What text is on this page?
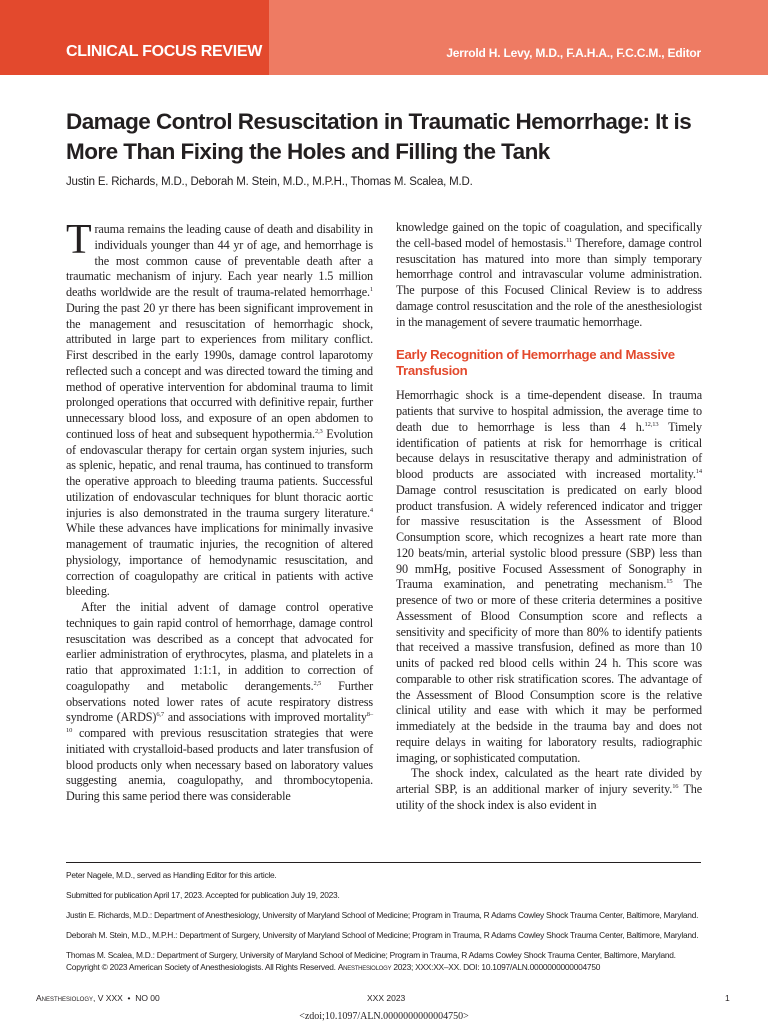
CLINICAL FOCUS REVIEW	Jerrold H. Levy, M.D., F.A.H.A., F.C.C.M., Editor
Damage Control Resuscitation in Traumatic Hemorrhage: It is More Than Fixing the Holes and Filling the Tank
Justin E. Richards, M.D., Deborah M. Stein, M.D., M.P.H., Thomas M. Scalea, M.D.

Trauma remains the leading cause of death and disability in individuals younger than 44 yr of age, and hemorrhage is the most common cause of preventable death after a traumatic mechanism of injury. Each year nearly 1.5 million deaths worldwide are the result of trauma-related hemorrhage.$^1$ During the past 20 yr there has been significant improvement in the management and resuscitation of hemorrhagic shock, attributed in large part to experiences from military conflict. First described in the early 1990s, damage control laparotomy reflected such a concept and was directed toward the timing and method of operative intervention for abdominal trauma to limit prolonged operations that occurred with definitive repair, further unnecessary blood loss, and exposure of an open abdomen to continued loss of heat and subsequent hypothermia.$^{2,3}$ Evolution of endovascular therapy for certain organ system injuries, such as splenic, hepatic, and renal trauma, has continued to transform the operative approach to bleeding trauma patients. Successful utilization of endovascular techniques for blunt thoracic aortic injuries is also demonstrated in the trauma surgery literature.$^4$ While these advances have implications for minimally invasive management of traumatic injuries, the recognition of altered physiology, importance of hemodynamic resuscitation, and correction of coagulopathy are critical in patients with active bleeding.

After the initial advent of damage control operative techniques to gain rapid control of hemorrhage, damage control resuscitation was described as a concept that advocated for earlier administration of erythrocytes, plasma, and platelets in a ratio that approximated 1:1:1, in addition to correction of coagulopathy and metabolic derangements.$^{2,5}$ Further observations noted lower rates of acute respiratory distress syndrome (ARDS)$^{6,7}$ and associations with improved mortality$^{8-10}$ compared with previous resuscitation strategies that were initiated with crystalloid-based products and later transfusion of blood products only when necessary based on laboratory values suggesting anemia, coagulopathy, and thrombocytopenia. During this same period there was considerable

knowledge gained on the topic of coagulation, and specifically the cell-based model of hemostasis.$^{11}$ Therefore, damage control resuscitation has matured into more than simply temporary hemorrhage control and intravascular volume administration. The purpose of this Focused Clinical Review is to address damage control resuscitation and the role of the anesthesiologist in the management of severe traumatic hemorrhage.

Early Recognition of Hemorrhage and Massive Transfusion

Hemorrhagic shock is a time-dependent disease. In trauma patients that survive to hospital admission, the average time to death due to hemorrhage is less than 4 h.$^{12,13}$ Timely identification of patients at risk for hemorrhage is critical because delays in resuscitative therapy and administration of blood products are associated with increased mortality.$^{14}$ Damage control resuscitation is predicated on early blood product transfusion. A widely referenced indicator and trigger for massive resuscitation is the Assessment of Blood Consumption score, which recognizes a heart rate more than 120 beats/min, arterial systolic blood pressure (SBP) less than 90 mmHg, positive Focused Assessment of Sonography in Trauma examination, and penetrating mechanism.$^{15}$ The presence of two or more of these criteria determines a positive Assessment of Blood Consumption score and reflects a sensitivity and specificity of more than 80% to identify patients that received a massive transfusion, defined as more than 10 units of packed red blood cells within 24 h. This score was comparable to other risk stratification scores. The advantage of the Assessment of Blood Consumption score is the relative clinical utility and ease with which it may be performed immediately at the bedside in the trauma bay and does not require delays in waiting for laboratory results, radiographic imaging, or sophisticated computation.

The shock index, calculated as the heart rate divided by arterial SBP, is an additional marker of injury severity.$^{16}$ The utility of the shock index is also evident in

Peter Nagele, M.D., served as Handling Editor for this article.
Submitted for publication April 17, 2023. Accepted for publication July 19, 2023.
Justin E. Richards, M.D.: Department of Anesthesiology, University of Maryland School of Medicine; Program in Trauma, R Adams Cowley Shock Trauma Center, Baltimore, Maryland.
Deborah M. Stein, M.D., M.P.H.: Department of Surgery, University of Maryland School of Medicine; Program in Trauma, R Adams Cowley Shock Trauma Center, Baltimore, Maryland.
Thomas M. Scalea, M.D.: Department of Surgery, University of Maryland School of Medicine; Program in Trauma, R Adams Cowley Shock Trauma Center, Baltimore, Maryland.
Copyright © 2023 American Society of Anesthesiologists. All Rights Reserved. Anesthesiology 2023; XXX:XX–XX. DOI: 10.1097/ALN.0000000000004750
Anesthesiology, V XXX  •  NO 00	XXX 2023	1
<zdoi;10.1097/ALN.0000000000004750>
